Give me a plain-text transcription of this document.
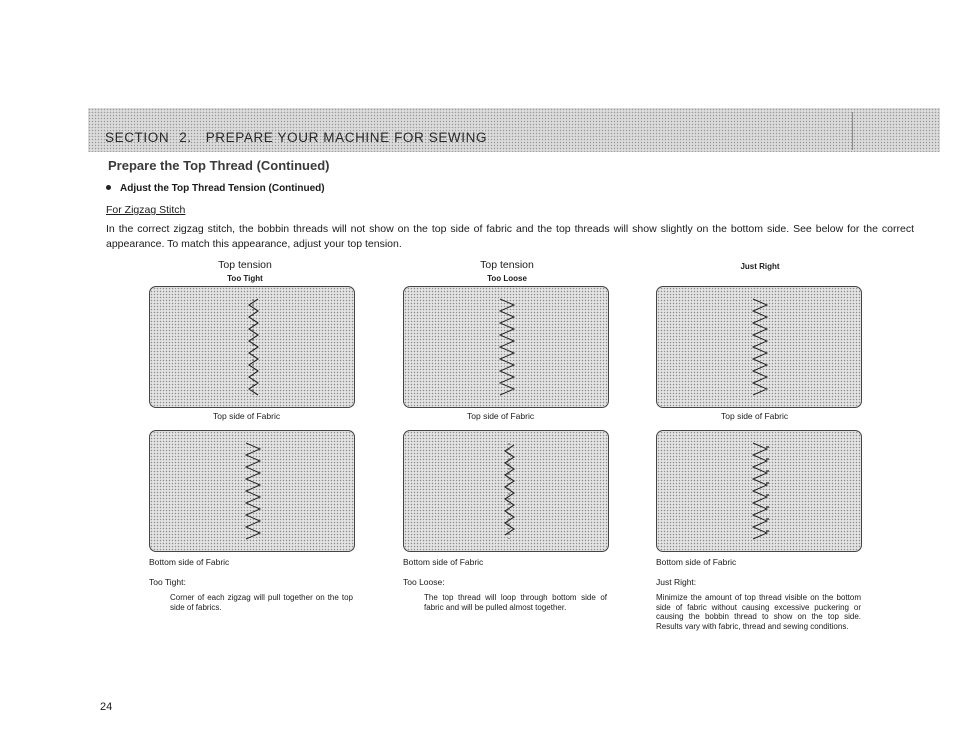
SECTION 2. PREPARE YOUR MACHINE FOR SEWING
Prepare the Top Thread (Continued)
Adjust the Top Thread Tension (Continued)
For Zigzag Stitch
In the correct zigzag stitch, the bobbin threads will not show on the top side of fabric and the top threads will show slightly on the bottom side. See below for the correct appearance. To match this appearance, adjust your top tension.
Top tension
Too Tight
Top side of Fabric
Bottom side of Fabric
Too Tight:
Corner of each zigzag will pull together on the top side of fabrics.
Top tension
Too Loose
Top side of Fabric
Bottom side of Fabric
Too Loose:
The top thread will loop through bottom side of fabric and will be pulled almost together.
Just Right
Top side of Fabric
Bottom side of Fabric
Just Right:
Minimize the amount of top thread visible on the bottom side of fabric without causing excessive puckering or causing the bobbin thread to show on the top side. Results vary with fabric, thread and sewing conditions.
24
